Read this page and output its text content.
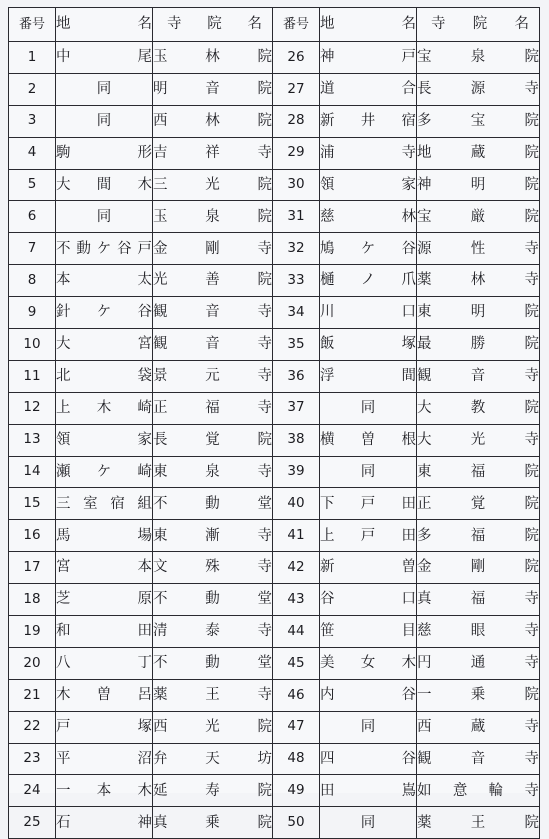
番号	地　名	寺院名	番号	地　名	寺院名
1	中　尾	玉林院	26	神　戸	宝泉院
2	同	明音院	27	道　合	長源寺
3	同	西林院	28	新井宿	多宝院
4	駒　形	吉祥寺	29	浦　寺	地蔵院
5	大間木	三光院	30	領　家	神明院
6	同	玉泉院	31	慈　林	宝厳院
7	不動ケ谷戸	金剛寺	32	鳩ケ谷	源性寺
8	本　太	光善院	33	樋ノ爪	薬林寺
9	針ケ谷	観音寺	34	川　口	東明院
10	大　宮	観音寺	35	飯　塚	最勝院
11	北　袋	景元寺	36	浮　間	観音寺
12	上木崎	正福寺	37	同	大教院
13	領　家	長覚院	38	横曽根	大光寺
14	瀬ケ崎	東泉寺	39	同	東福院
15	三室宿組	不動堂	40	下戸田	正覚院
16	馬　場	東漸寺	41	上戸田	多福院
17	宮　本	文殊寺	42	新　曽	金剛院
18	芝　原	不動堂	43	谷　口	真福寺
19	和　田	清泰寺	44	笹目	慈眼寺
20	八　丁	不動堂	45	美女木	円通寺
21	木曽呂	薬王寺	46	内　谷	一乗院
22	戸　塚	西光院	47	同	西蔵寺
23	平　沼	弁天坊	48	四　谷	観音寺
24	一本木	延寿院	49	田　嶌	如意輪寺
25	石　神	真乗院	50	同	薬王院
